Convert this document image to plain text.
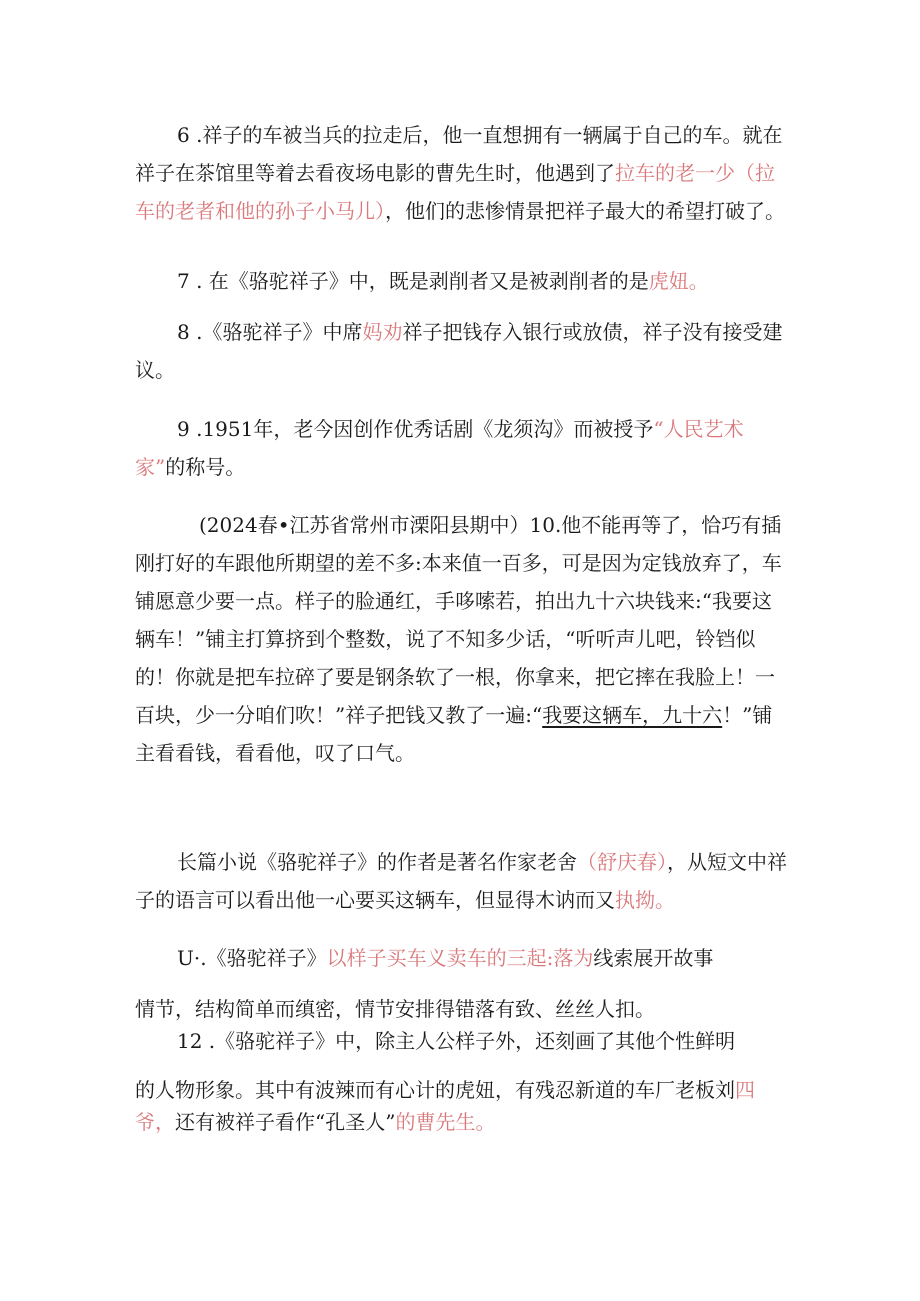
6 .祥子的车被当兵的拉走后，他一直想拥有一辆属于自己的车。就在祥子在茶馆里等着去看夜场电影的曹先生时，他遇到了拉车的老一少（拉车的老者和他的孙子小马儿），他们的悲惨情景把祥子最大的希望打破了。

7 . 在《骆驼祥子》中，既是剥削者又是被剥削者的是虎妞。

8 .《骆驼祥子》中席妈劝祥子把钱存入银行或放债，祥子没有接受建议。

9 .1951年，老今因创作优秀话剧《龙须沟》而被授予“人民艺术家”的称号。

(2024春•江苏省常州市溧阳县期中）10.他不能再等了，恰巧有插刚打好的车跟他所期望的差不多:本来值一百多，可是因为定钱放弃了，车铺愿意少要一点。样子的脸通红，手哆嗦若，拍出九十六块钱来:“我要这辆车！”铺主打算挤到个整数，说了不知多少话，“听听声儿吧，铃铛似的！你就是把车拉碎了要是钢条软了一根，你拿来，把它摔在我脸上！一百块，少一分咱们吹！”祥子把钱又教了一遍:“我要这辆车，九十六！”铺主看看钱，看看他，叹了口气。

长篇小说《骆驼祥子》的作者是著名作家老舍（舒庆春），从短文中祥子的语言可以看出他一心要买这辆车，但显得木讷而又执拗。

U·.《骆驼祥子》以样子买车义卖车的三起:落为线索展开故事

情节，结构简单而缜密，情节安排得错落有致、丝丝人扣。

12 .《骆驼祥子》中，除主人公样子外，还刻画了其他个性鲜明

的人物形象。其中有波辣而有心计的虎妞，有残忍新道的车厂老板刘四爷，还有被祥子看作“孔圣人”的曹先生。
